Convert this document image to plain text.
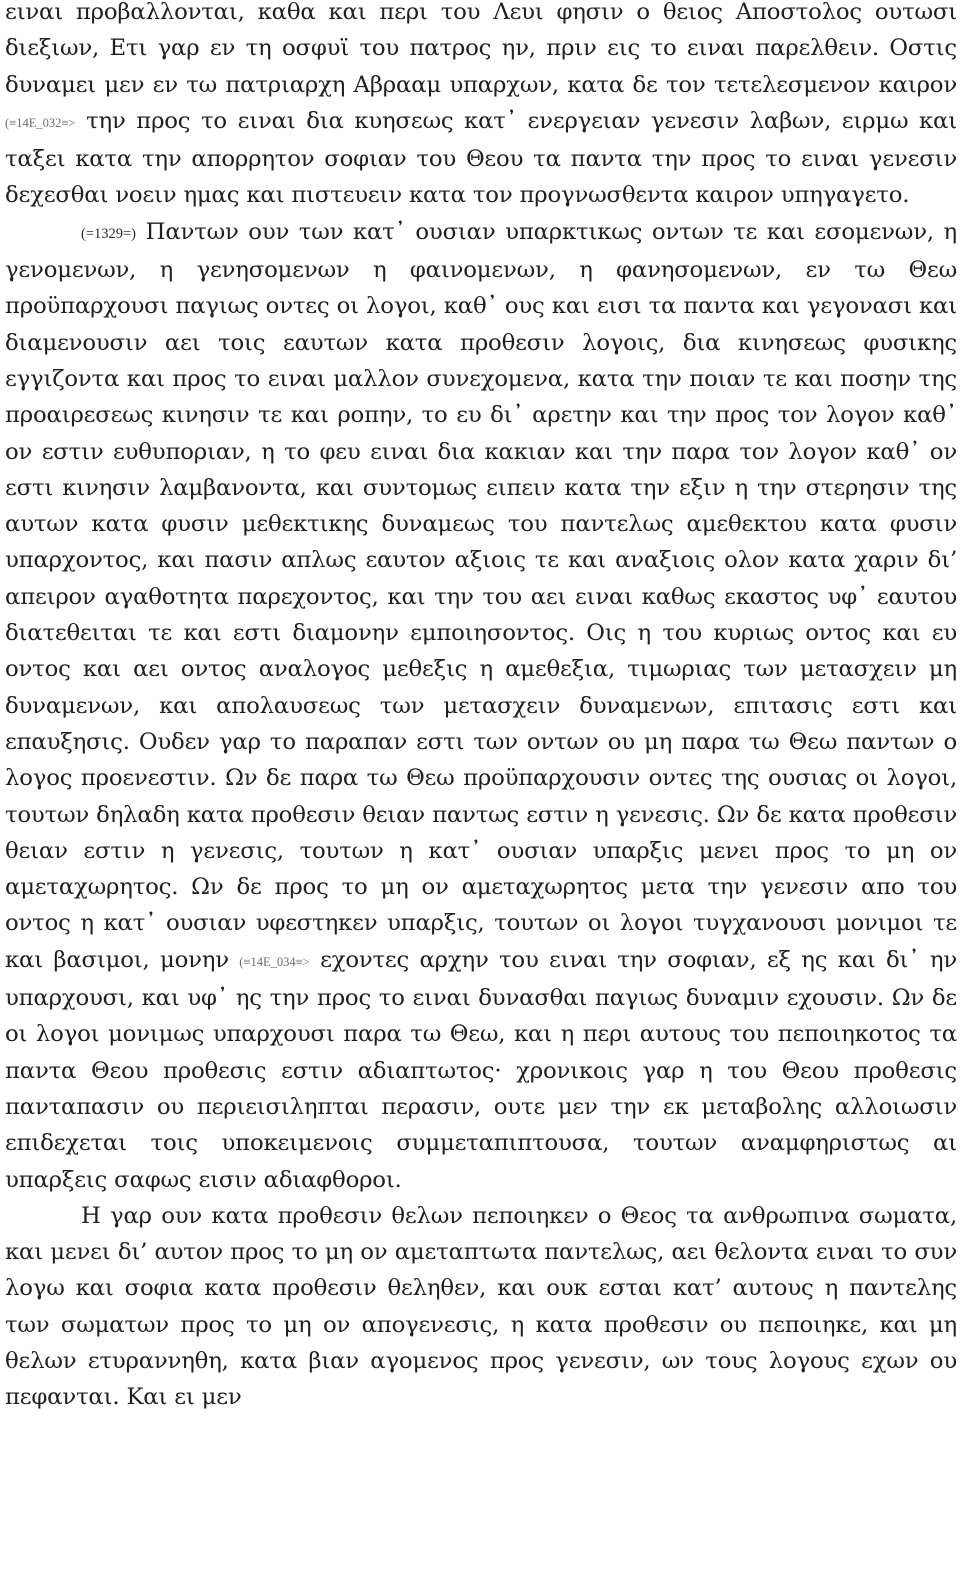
ειναι προβαλλονται, καθα και περι του Λευι φησιν ο θειος Αποστολος ουτωσι διεξιων, Ετι γαρ εν τη οσφυϊ του πατρος ην, πριν εις το ειναι παρελθειν. Οστις δυναμει μεν εν τω πατριαρχη Αβρααμ υπαρχων, κατα δε τον τετελεσμενον καιρον (≡14E_032≡> την προς το ειναι δια κυησεως κατ᾿ ενεργειαν γενεσιν λαβων, ειρμω και ταξει κατα την απορρητον σοφιαν του Θεου τα παντα την προς το ειναι γενεσιν δεχεσθαι νοειν ημας και πιστευειν κατα τον προγνωσθεντα καιρον υπηγαγετο.

(=1329=) Παντων ουν των κατ᾿ ουσιαν υπαρκτικως οντων τε και εσομενων, η γενομενων, η γενησομενων η φαινομενων, η φανησομενων, εν τω Θεω προϋπαρχουσι παγιως οντες οι λογοι, καθ᾿ ους και εισι τα παντα και γεγονασι και διαμενουσιν αει τοις εαυτων κατα προθεσιν λογοις, δια κινησεως φυσικης εγγιζοντα και προς το ειναι μαλλον συνεχομενα, κατα την ποιαν τε και ποσην της προαιρεσεως κινησιν τε και ροπην, το ευ δι᾿ αρετην και την προς τον λογον καθ᾿ ον εστιν ευθυποριαν, η το φευ ειναι δια κακιαν και την παρα τον λογον καθ᾿ ον εστι κινησιν λαμβανοντα, και συντομως ειπειν κατα την εξιν η την στερησιν της αυτων κατα φυσιν μεθεκτικης δυναμεως του παντελως αμεθεκτου κατα φυσιν υπαρχοντος, και πασιν απλως εαυτον αξιοις τε και αναξιοις ολον κατα χαριν δι’ απειρον αγαθοτητα παρεχοντος, και την του αει ειναι καθως εκαστος υφ᾿ εαυτου διατεθειται τε και εστι διαμονην εμποιησοντος. Οις η του κυριως οντος και ευ οντος και αει οντος αναλογος μεθεξις η αμεθεξια, τιμωριας των μετασχειν μη δυναμενων, και απολαυσεως των μετασχειν δυναμενων, επιτασις εστι και επαυξησις. Ουδεν γαρ το παραπαν εστι των οντων ου μη παρα τω Θεω παντων ο λογος προενεστιν. Ων δε παρα τω Θεω προϋπαρχουσιν οντες της ουσιας οι λογοι, τουτων δηλαδη κατα προθεσιν θειαν παντως εστιν η γενεσις. Ων δε κατα προθεσιν θειαν εστιν η γενεσις, τουτων η κατ᾿ ουσιαν υπαρξις μενει προς το μη ον αμεταχωρητος. Ων δε προς το μη ον αμεταχωρητος μετα την γενεσιν απο του οντος η κατ᾿ ουσιαν υφεστηκεν υπαρξις, τουτων οι λογοι τυγχανουσι μονιμοι τε και βασιμοι, μονην (≡14E_034≡> εχοντες αρχην του ειναι την σοφιαν, εξ ης και δι᾿ ην υπαρχουσι, και υφ᾿ ης την προς το ειναι δυνασθαι παγιως δυναμιν εχουσιν. Ων δε οι λογοι μονιμως υπαρχουσι παρα τω Θεω, και η περι αυτους του πεποιηκοτος τα παντα Θεου προθεσις εστιν αδιαπτωτος· χρονικοις γαρ η του Θεου προθεσις πανταπασιν ου περιεισιληπται περασιν, ουτε μεν την εκ μεταβολης αλλοιωσιν επιδεχεται τοις υποκειμενοις συμμεταπιπτουσα, τουτων αναμφηριστως αι υπαρξεις σαφως εισιν αδιαφθοροι.

Η γαρ ουν κατα προθεσιν θελων πεποιηκεν ο Θεος τα ανθρωπινα σωματα, και μενει δι’ αυτον προς το μη ον αμεταπτωτα παντελως, αει θελοντα ειναι το συν λογω και σοφια κατα προθεσιν θεληθεν, και ουκ εσται κατ’ αυτους η παντελης των σωματων προς το μη ον απογενεσις, η κατα προθεσιν ου πεποιηκε, και μη θελων ετυραννηθη, κατα βιαν αγομενος προς γενεσιν, ων τους λογους εχων ου πεφανται. Και ει μεν
